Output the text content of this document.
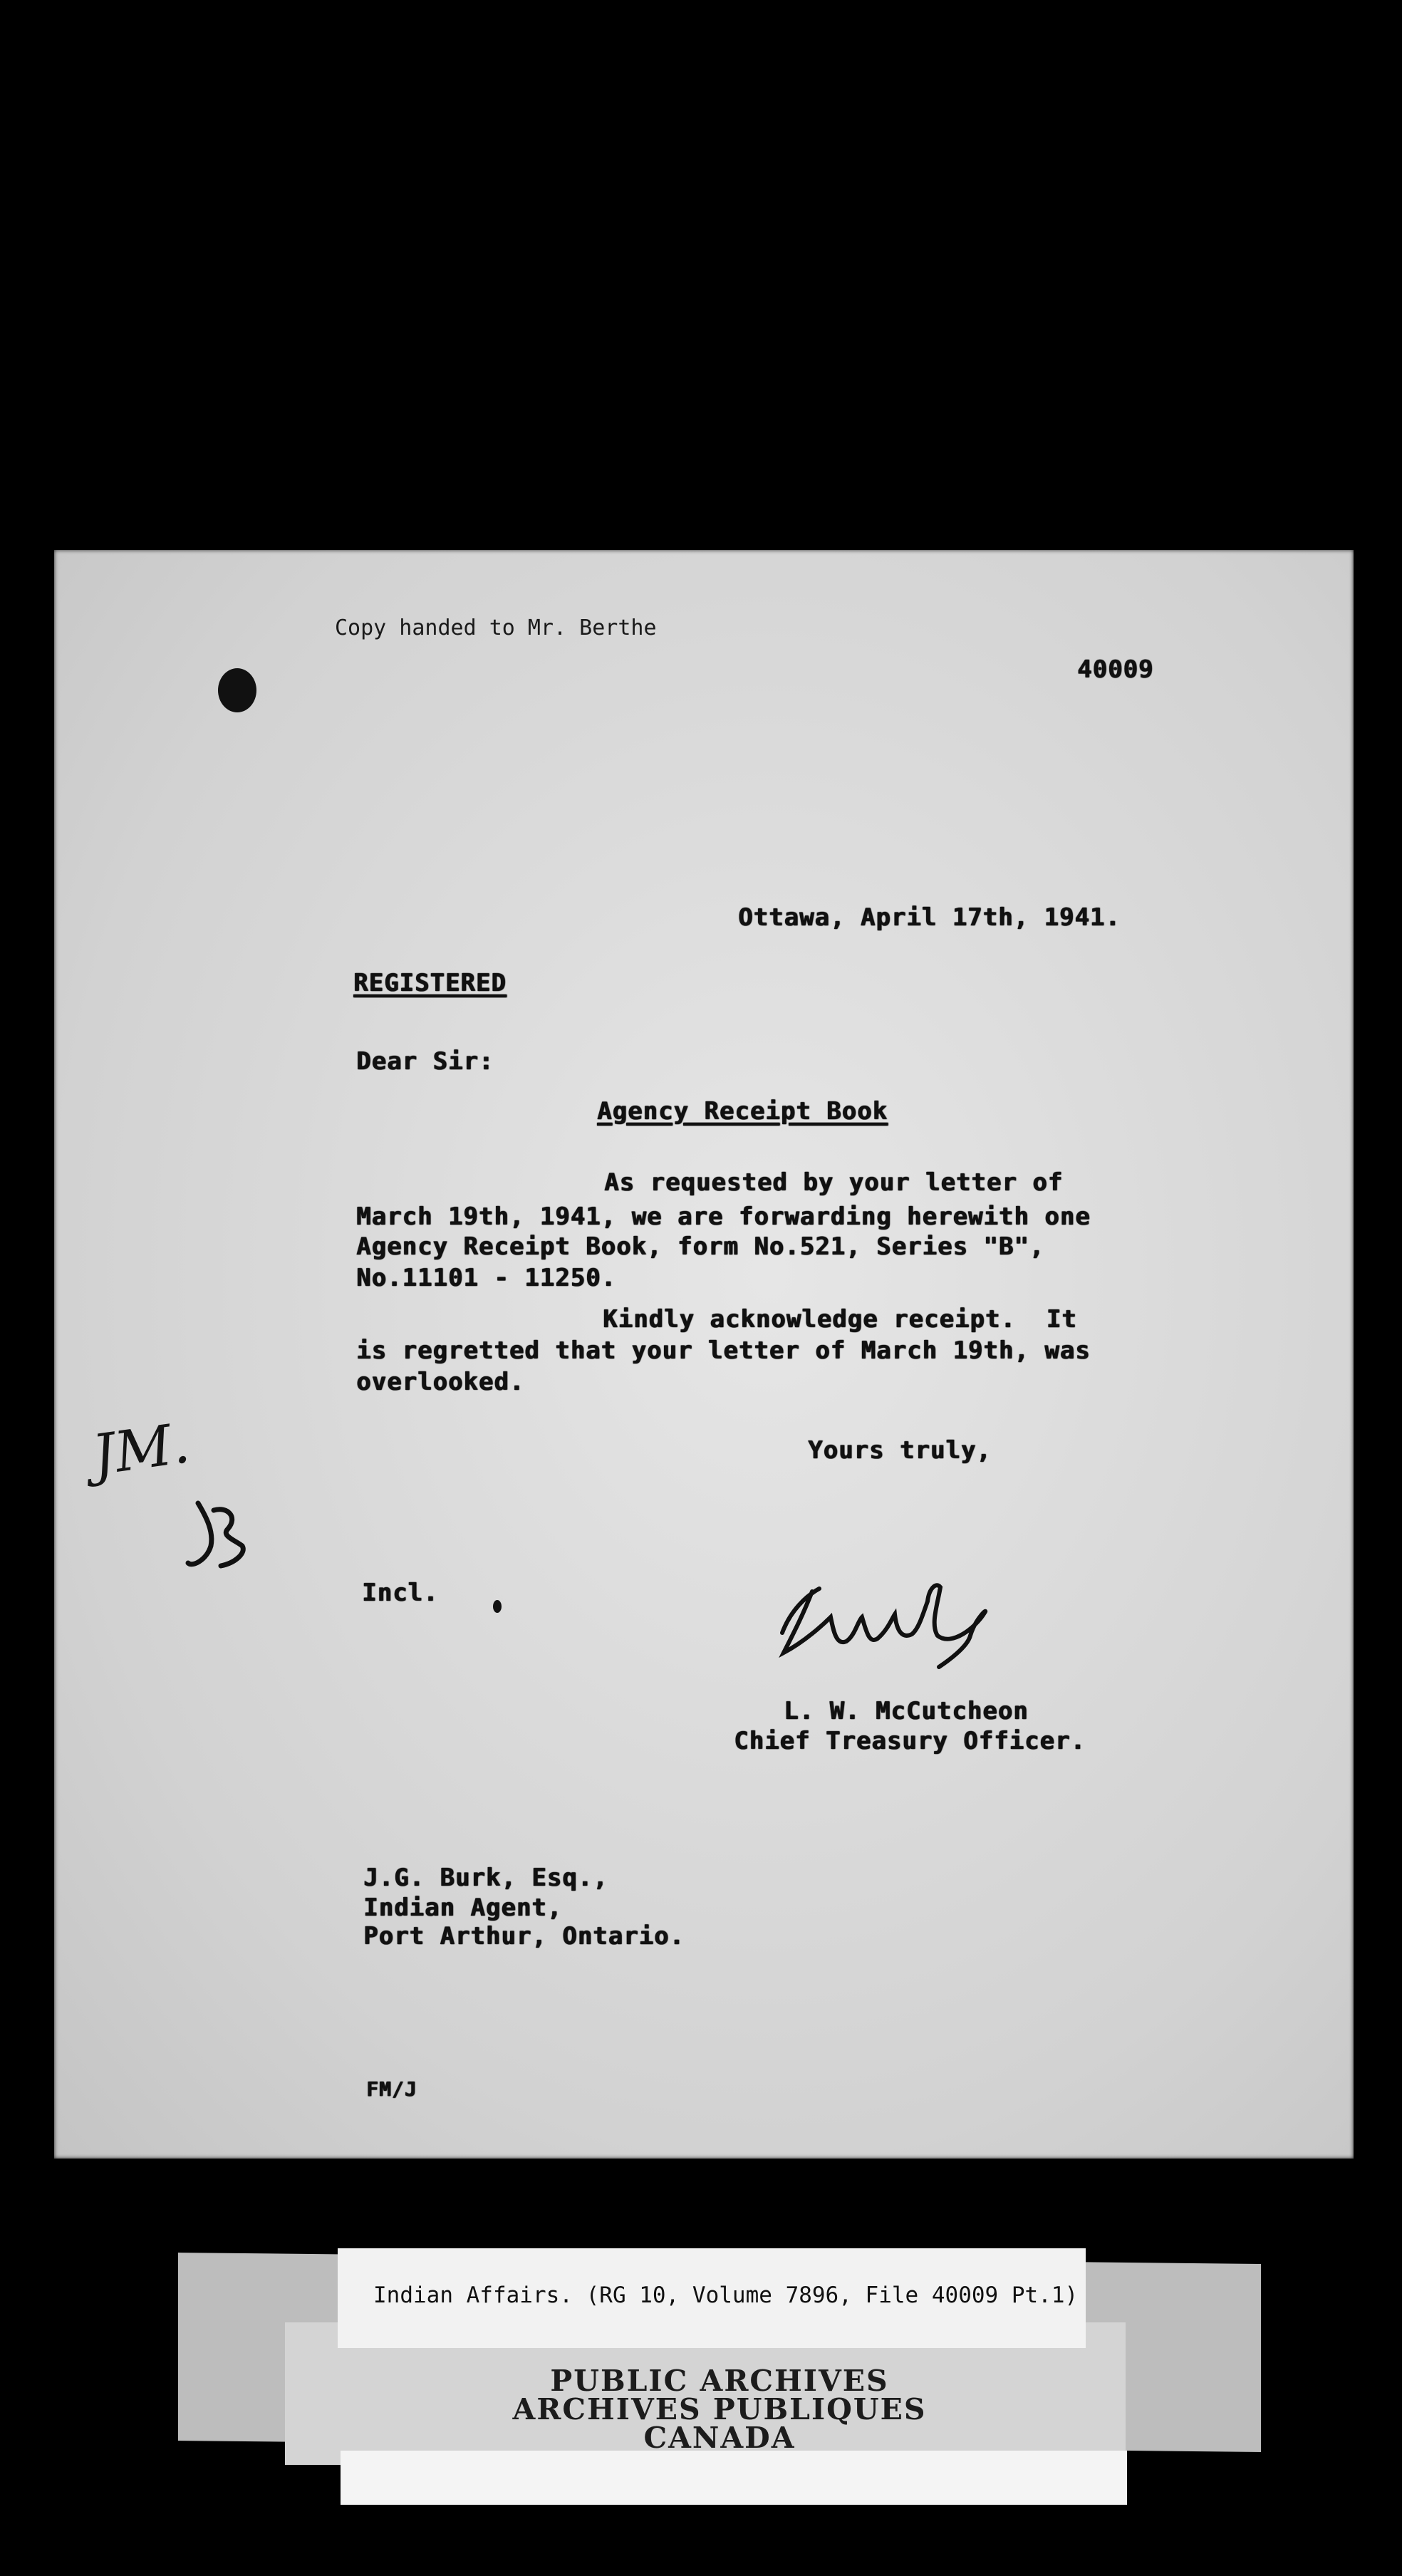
Copy handed to Mr. Berthe
40009
Ottawa, April 17th, 1941.
REGISTERED
Dear Sir:
Agency Receipt Book
As requested by your letter of
March 19th, 1941, we are forwarding herewith one
Agency Receipt Book, form No.521, Series "B",
No.11101 - 11250.
Kindly acknowledge receipt.  It
is regretted that your letter of March 19th, was
overlooked.
Yours truly,
Incl.
L. W. McCutcheon
Chief Treasury Officer.
J.G. Burk, Esq.,
Indian Agent,
Port Arthur, Ontario.
FM/J
JM.
Indian Affairs. (RG 10, Volume 7896, File 40009 Pt.1)
PUBLIC ARCHIVES
ARCHIVES PUBLIQUES
CANADA
